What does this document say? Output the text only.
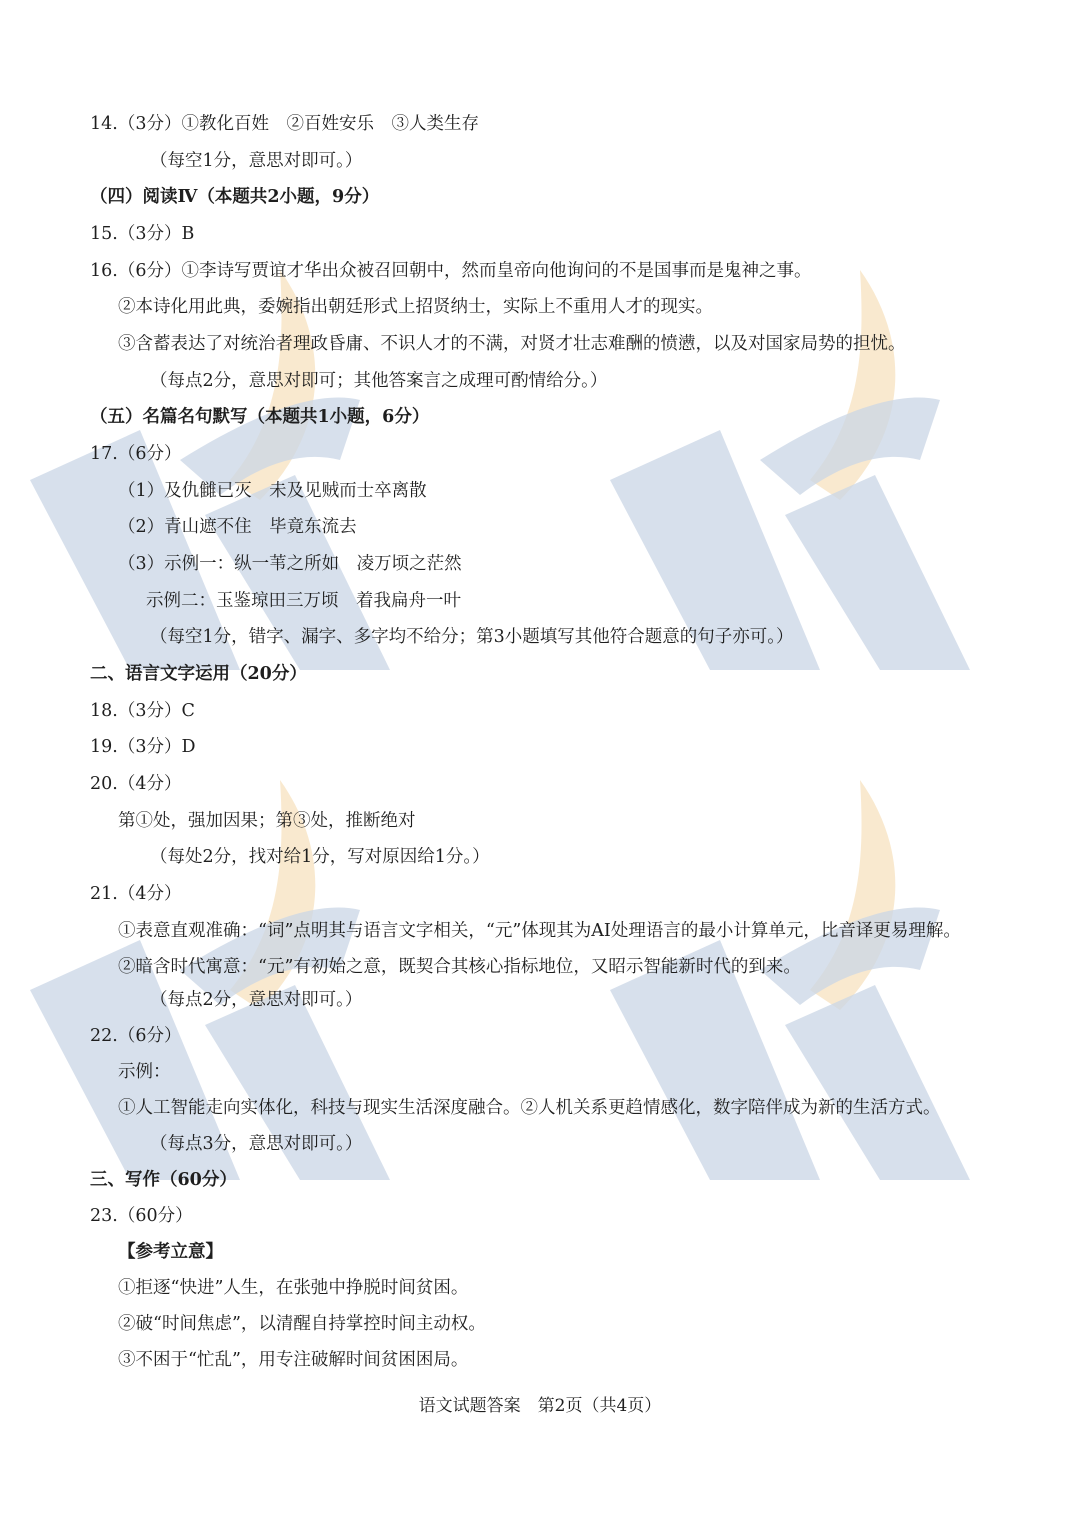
14.（3分）①教化百姓　②百姓安乐　③人类生存
（每空1分，意思对即可。）
（四）阅读Ⅳ（本题共2小题，9分）
15.（3分）B
16.（6分）①李诗写贾谊才华出众被召回朝中，然而皇帝向他询问的不是国事而是鬼神之事。
②本诗化用此典，委婉指出朝廷形式上招贤纳士，实际上不重用人才的现实。
③含蓄表达了对统治者理政昏庸、不识人才的不满，对贤才壮志难酬的愤懑，以及对国家局势的担忧。
（每点2分，意思对即可；其他答案言之成理可酌情给分。）
（五）名篇名句默写（本题共1小题，6分）
17.（6分）
（1）及仇雠已灭　未及见贼而士卒离散
（2）青山遮不住　毕竟东流去
（3）示例一：纵一苇之所如　凌万顷之茫然
示例二：玉鉴琼田三万顷　着我扁舟一叶
（每空1分，错字、漏字、多字均不给分；第3小题填写其他符合题意的句子亦可。）
二、语言文字运用（20分）
18.（3分）C
19.（3分）D
20.（4分）
第①处，强加因果；第③处，推断绝对
（每处2分，找对给1分，写对原因给1分。）
21.（4分）
①表意直观准确：“词”点明其与语言文字相关，“元”体现其为AI处理语言的最小计算单元，比音译更易理解。
②暗含时代寓意：“元”有初始之意，既契合其核心指标地位，又昭示智能新时代的到来。
（每点2分，意思对即可。）
22.（6分）
示例：
①人工智能走向实体化，科技与现实生活深度融合。②人机关系更趋情感化，数字陪伴成为新的生活方式。
（每点3分，意思对即可。）
三、写作（60分）
23.（60分）
【参考立意】
①拒逐“快进”人生，在张弛中挣脱时间贫困。
②破“时间焦虑”，以清醒自持掌控时间主动权。
③不困于“忙乱”，用专注破解时间贫困困局。
语文试题答案　第2页（共4页）
